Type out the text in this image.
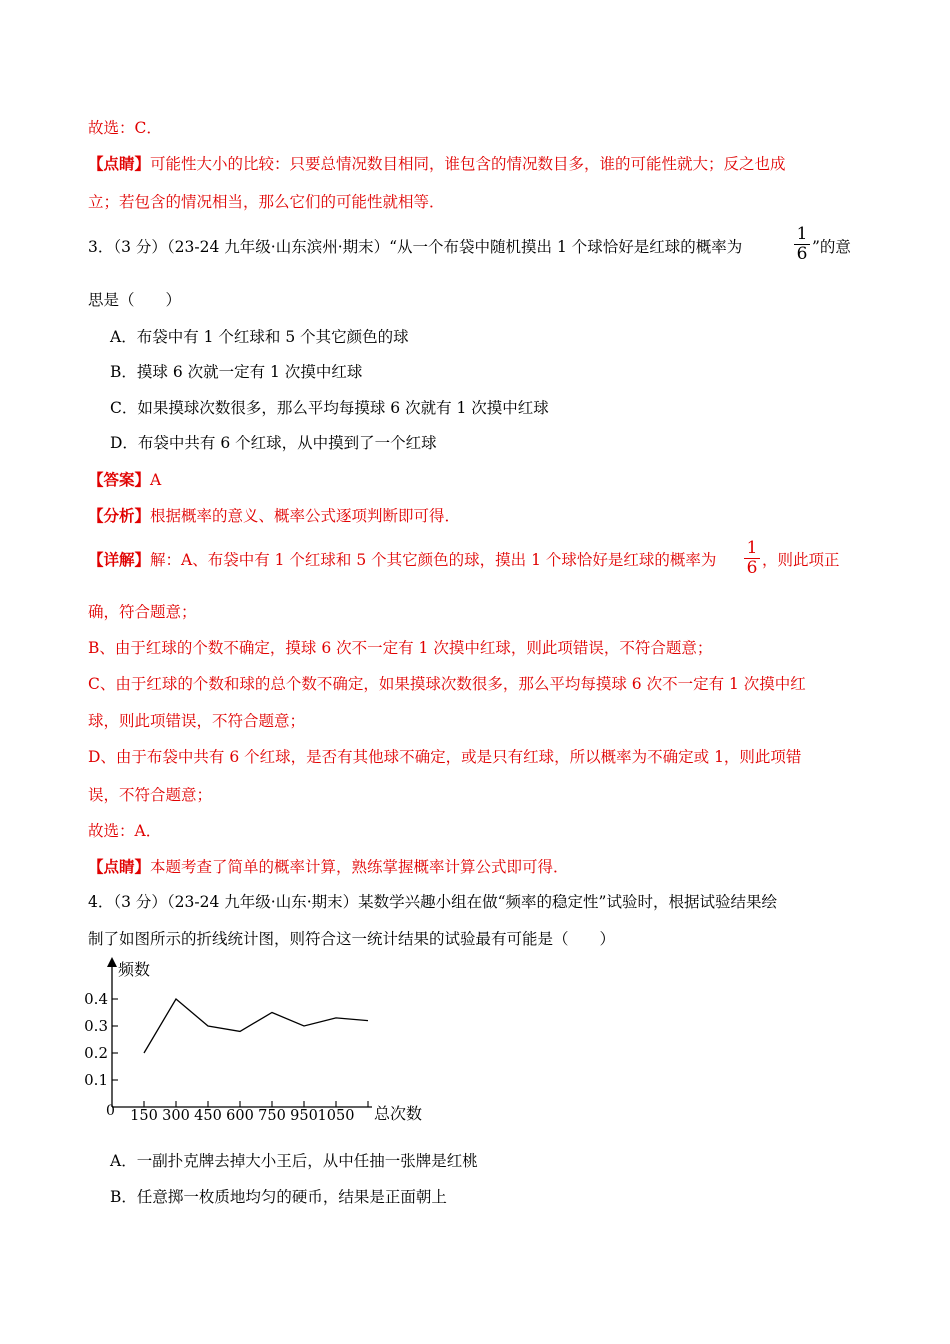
故选：C．
【点睛】可能性大小的比较：只要总情况数目相同，谁包含的情况数目多，谁的可能性就大；反之也成
立；若包含的情况相当，那么它们的可能性就相等．
3．（3 分）（23-24 九年级·山东滨州·期末）“从一个布袋中随机摸出 1 个球恰好是红球的概率为
1
6 ”的意
思是（　　）
A．布袋中有 1 个红球和 5 个其它颜色的球
B．摸球 6 次就一定有 1 次摸中红球
C．如果摸球次数很多，那么平均每摸球 6 次就有 1 次摸中红球
D．布袋中共有 6 个红球，从中摸到了一个红球
【答案】A
【分析】根据概率的意义、概率公式逐项判断即可得．
【详解】解：A、布袋中有 1 个红球和 5 个其它颜色的球，摸出 1 个球恰好是红球的概率为
1
6 ，则此项正
确，符合题意；
B、由于红球的个数不确定，摸球 6 次不一定有 1 次摸中红球，则此项错误，不符合题意；
C、由于红球的个数和球的总个数不确定，如果摸球次数很多，那么平均每摸球 6 次不一定有 1 次摸中红
球，则此项错误，不符合题意；
D、由于布袋中共有 6 个红球，是否有其他球不确定，或是只有红球，所以概率为不确定或 1，则此项错
误，不符合题意；
故选：A．
【点睛】本题考查了简单的概率计算，熟练掌握概率计算公式即可得．
4．（3 分）（23-24 九年级·山东·期末）某数学兴趣小组在做“频率的稳定性”试验时，根据试验结果绘
制了如图所示的折线统计图，则符合这一统计结果的试验最有可能是（　　）
频数
总次数
0
0.1
0.2
0.3
0.4
150 300 450 600 750 950 1050
A．一副扑克牌去掉大小王后，从中任抽一张牌是红桃
B．任意掷一枚质地均匀的硬币，结果是正面朝上
